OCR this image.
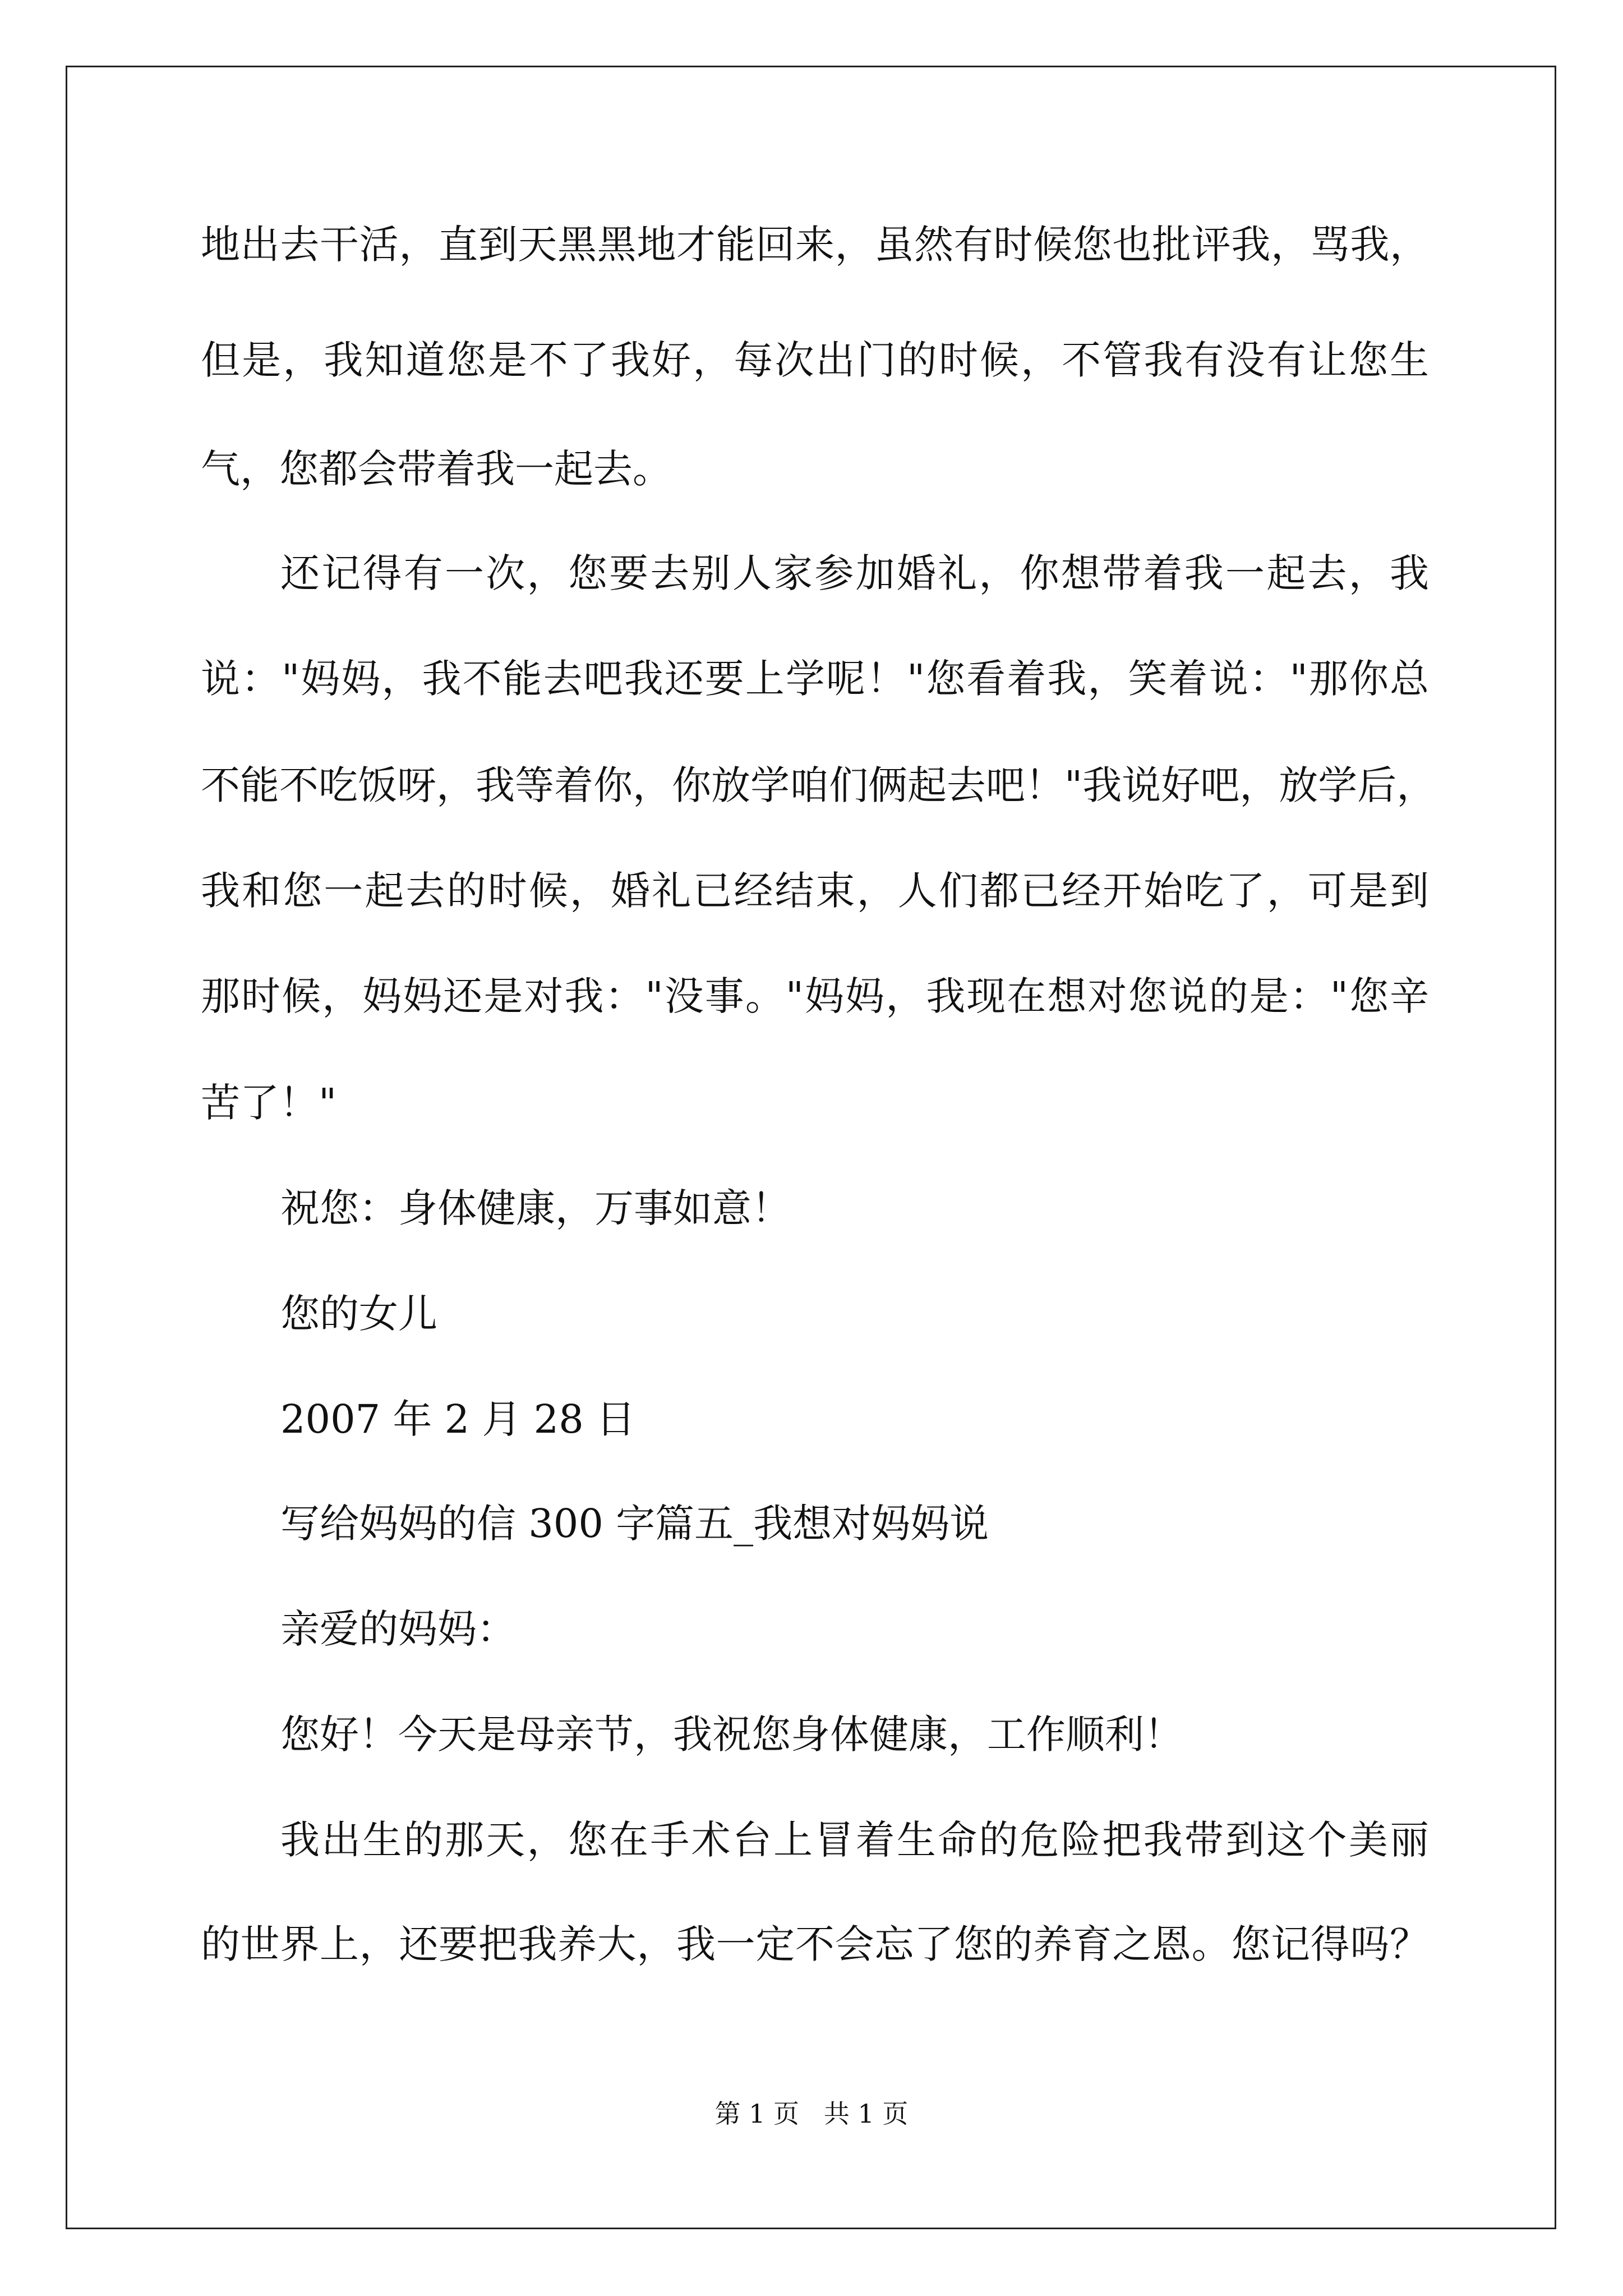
地出去干活，直到天黑黑地才能回来，虽然有时候您也批评我，骂我，
但是，我知道您是不了我好，每次出门的时候，不管我有没有让您生
气，您都会带着我一起去。
还记得有一次，您要去别人家参加婚礼，你想带着我一起去，我
说："妈妈，我不能去吧我还要上学呢！"您看着我，笑着说："那你总
不能不吃饭呀，我等着你，你放学咱们俩起去吧！"我说好吧，放学后，
我和您一起去的时候，婚礼已经结束，人们都已经开始吃了，可是到
那时候，妈妈还是对我："没事。"妈妈，我现在想对您说的是："您辛
苦了！"
祝您：身体健康，万事如意！
您的女儿
2007 年 2 月 28 日
写给妈妈的信 300 字篇五_我想对妈妈说
亲爱的妈妈：
您好！今天是母亲节，我祝您身体健康，工作顺利！
我出生的那天，您在手术台上冒着生命的危险把我带到这个美丽
的世界上，还要把我养大，我一定不会忘了您的养育之恩。您记得吗？
第 1 页   共 1 页
